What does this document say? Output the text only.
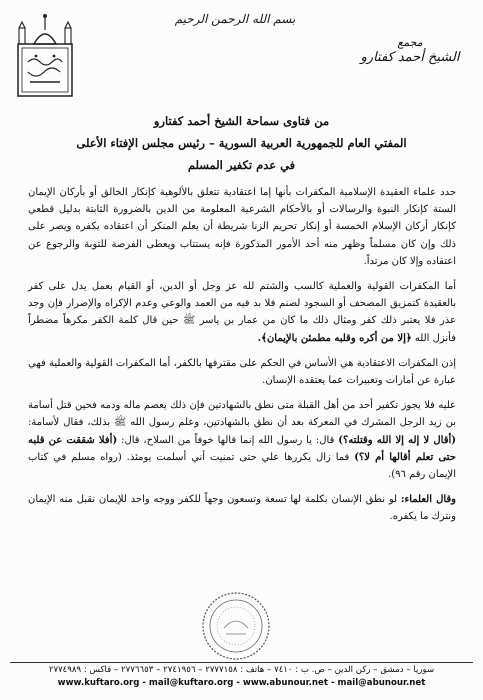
بسم الله الرحمن الرحيم
مجمع
الشيخ أحمد كفتارو
من فتاوى سماحة الشيخ أحمد كفتارو
المفتي العام للجمهورية العربية السورية – رئيس مجلس الإفتاء الأعلى
في عدم تكفير المسلم

حدد علماء العقيدة الإسلامية المكفرات بأنها إما اعتقادية تتعلق بالألوهية كإنكار الخالق أو بأركان الإيمان الستة كإنكار النبوة والرسالات أو بالأحكام الشرعية المعلومة من الدين بالضرورة الثابتة بدليل قطعي كإنكار أركان الإسلام الخمسة أو إنكار تحريم الزنا شريطة أن يعلم المنكر أن اعتقاده يكفره ويصر على ذلك وإن كان مسلماً وظهر منه أحد الأمور المذكورة فإنه يستتاب ويعطى الفرصة للتوبة والرجوع عن اعتقاده وإلا كان مرتداً.

أما المكفرات القولية والعملية كالسب والشتم لله عز وجل أو الدين، أو القيام بعمل يدل على كفر بالعقيدة كتمزيق المصحف أو السجود لصنم فلا بد فيه من العمد والوعي وعدم الإكراه والإصرار فإن وجد عذر فلا يعتبر ذلك كفر ومثال ذلك ما كان من عمار بن ياسر ﷺ حين قال كلمة الكفر مكرهاً مضطراً فأنزل الله ﴿إلا من أكره وقلبه مطمئن بالإيمان﴾.

إذن المكفرات الاعتقادية هي الأساس في الحكم على مقترفها بالكفر، أما المكفرات القولية والعملية فهي عبارة عن أمارات وتعبيرات عما يعتقده الإنسان.

عليه فلا يجوز تكفير أحد من أهل القبلة متى نطق بالشهادتين فإن ذلك يعصم ماله ودمه فحين قتل أسامة بن زيد الرجل المشرك في المعركة بعد أن نطق بالشهادتين، وعلم رسول الله ﷺ بذلك، فقال لأسامة: (أقال لا إله إلا الله وقتلته؟) قال: يا رسول الله إنما قالها خوفاً من السلاح، قال: (أفلا شققت عن قلبه حتى تعلم أقالها أم لا؟) فما زال يكررها علي حتى تمنيت أني أسلمت يومئذ. (رواه مسلم في كتاب الإيمان رقم ٩٦).

وقال العلماء: لو نطق الإنسان بكلمة لها تسعة وتسعون وجهاً للكفر ووجه واحد للإيمان نقبل منه الإيمان ونترك ما يكفره.

سوريا – دمشق – ركن الدين – ص. ب : ٧٤١٠ – هاتف : ٢٧٧٧١٥٨ – ٢٧٤١٩٥٦ – ٢٧٧٦٦٥٣ – فاكس : ٢٧٧٤٩٨٩
www.kuftaro.org - mail@kuftaro.org - www.abunour.net - mail@abunour.net
